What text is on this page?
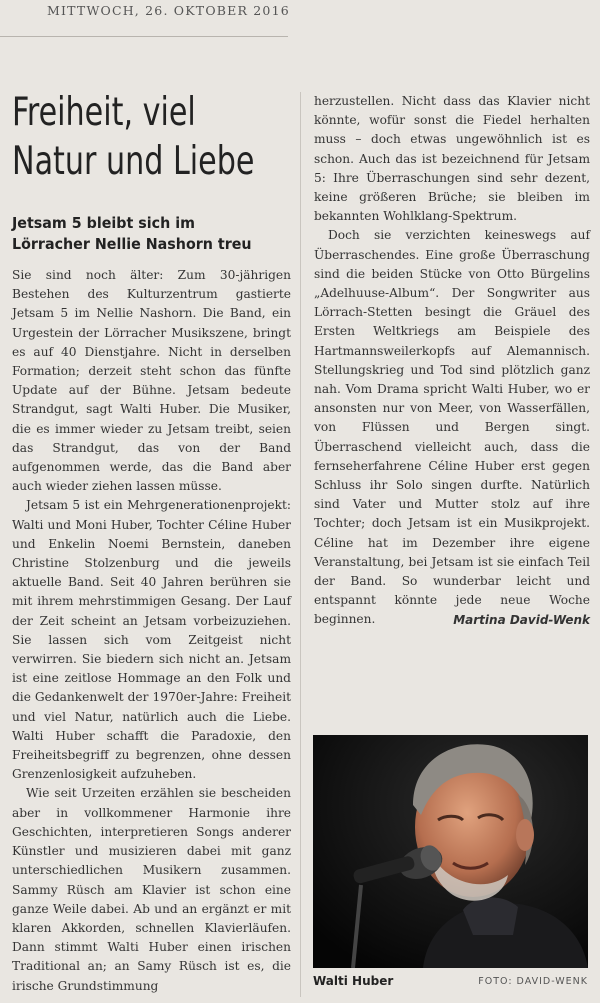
MITTWOCH, 26. OKTOBER 2016
Freiheit, viel
Natur und Liebe
Jetsam 5 bleibt sich im
Lörracher Nellie Nashorn treu

Sie sind noch älter: Zum 30-jährigen Bestehen des Kulturzentrum gastierte Jetsam 5 im Nellie Nashorn. Die Band, ein Urgestein der Lörracher Musikszene, bringt es auf 40 Dienstjahre. Nicht in derselben Formation; derzeit steht schon das fünfte Update auf der Bühne. Jetsam bedeute Strandgut, sagt Walti Huber. Die Musiker, die es immer wieder zu Jetsam treibt, seien das Strandgut, das von der Band aufgenommen werde, das die Band aber auch wieder ziehen lassen müsse.

Jetsam 5 ist ein Mehrgenerationenprojekt: Walti und Moni Huber, Tochter Céline Huber und Enkelin Noemi Bernstein, daneben Christine Stolzenburg und die jeweils aktuelle Band. Seit 40 Jahren berühren sie mit ihrem mehrstimmigen Gesang. Der Lauf der Zeit scheint an Jetsam vorbeizuziehen. Sie lassen sich vom Zeitgeist nicht verwirren. Sie biedern sich nicht an. Jetsam ist eine zeitlose Hommage an den Folk und die Gedankenwelt der 1970er-Jahre: Freiheit und viel Natur, natürlich auch die Liebe. Walti Huber schafft die Paradoxie, den Freiheitsbegriff zu begrenzen, ohne dessen Grenzenlosigkeit aufzuheben.

Wie seit Urzeiten erzählen sie bescheiden aber in vollkommener Harmonie ihre Geschichten, interpretieren Songs anderer Künstler und musizieren dabei mit ganz unterschiedlichen Musikern zusammen. Sammy Rüsch am Klavier ist schon eine ganze Weile dabei. Ab und an ergänzt er mit klaren Akkorden, schnellen Klavierläufen. Dann stimmt Walti Huber einen irischen Traditional an; an Samy Rüsch ist es, die irische Grundstimmung

herzustellen. Nicht dass das Klavier nicht könnte, wofür sonst die Fiedel herhalten muss – doch etwas ungewöhnlich ist es schon. Auch das ist bezeichnend für Jetsam 5: Ihre Überraschungen sind sehr dezent, keine größeren Brüche; sie bleiben im bekannten Wohlklang-Spektrum.

Doch sie verzichten keineswegs auf Überraschendes. Eine große Überraschung sind die beiden Stücke von Otto Bürgelins „Adelhuuse-Album“. Der Songwriter aus Lörrach-Stetten besingt die Gräuel des Ersten Weltkriegs am Beispiele des Hartmannsweilerkopfs auf Alemannisch. Stellungskrieg und Tod sind plötzlich ganz nah. Vom Drama spricht Walti Huber, wo er ansonsten nur von Meer, von Wasserfällen, von Flüssen und Bergen singt. Überraschend vielleicht auch, dass die fernseherfahrene Céline Huber erst gegen Schluss ihr Solo singen durfte. Natürlich sind Vater und Mutter stolz auf ihre Tochter; doch Jetsam ist ein Musikprojekt. Céline hat im Dezember ihre eigene Veranstaltung, bei Jetsam ist sie einfach Teil der Band. So wunderbar leicht und entspannt könnte jede neue Woche beginnen.	Martina David-Wenk
Walti Huber	FOTO: DAVID-WENK
